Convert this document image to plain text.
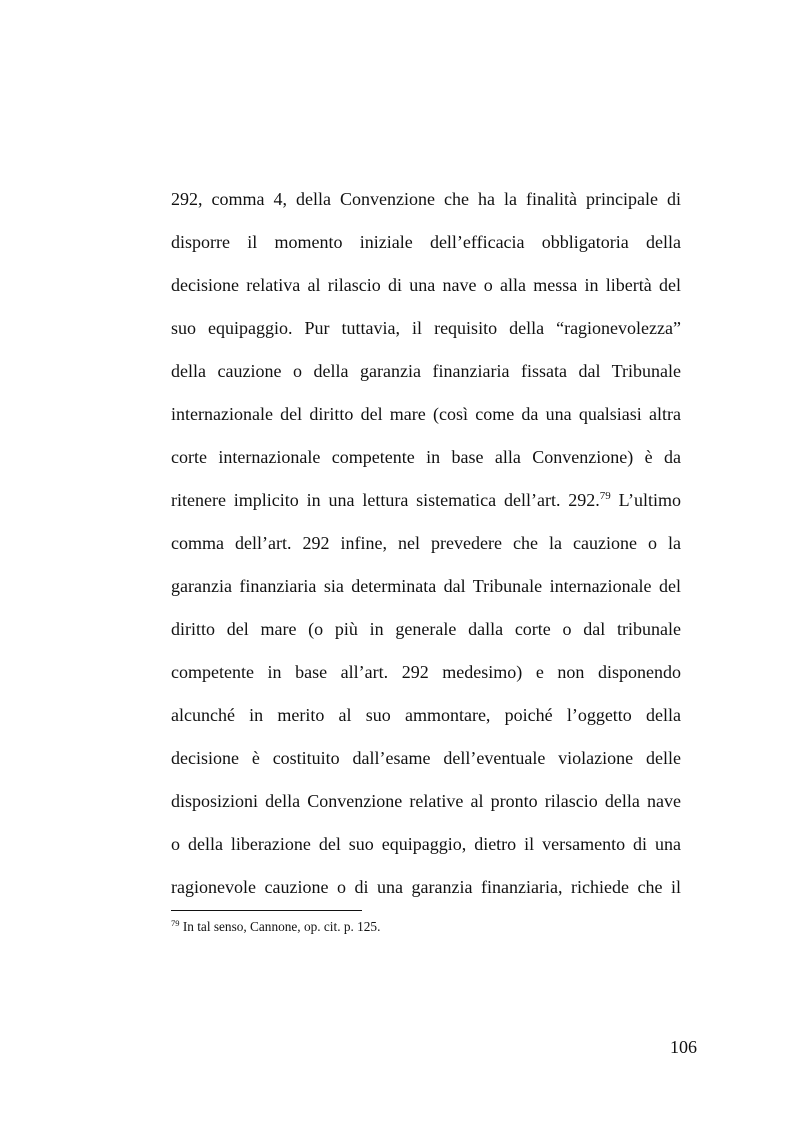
292, comma 4, della Convenzione che ha la finalità principale di
disporre il momento iniziale dell’efficacia obbligatoria della
decisione relativa al rilascio di una nave o alla messa in libertà del
suo equipaggio. Pur tuttavia, il requisito della “ragionevolezza”
della cauzione o della garanzia finanziaria fissata dal Tribunale
internazionale del diritto del mare (così come da una qualsiasi altra
corte internazionale competente in base alla Convenzione) è da
ritenere implicito in una lettura sistematica dell’art. 292.79 L’ultimo
comma dell’art. 292 infine, nel prevedere che la cauzione o la
garanzia finanziaria sia determinata dal Tribunale internazionale del
diritto del mare (o più in generale dalla corte o dal tribunale
competente in base all’art. 292 medesimo) e non disponendo
alcunché in merito al suo ammontare, poiché l’oggetto della
decisione è costituito dall’esame dell’eventuale violazione delle
disposizioni della Convenzione relative al pronto rilascio della nave
o della liberazione del suo equipaggio, dietro il versamento di una
ragionevole cauzione o di una garanzia finanziaria, richiede che il
$^{79}$ In tal senso, Cannone, op. cit. p. 125.
106
